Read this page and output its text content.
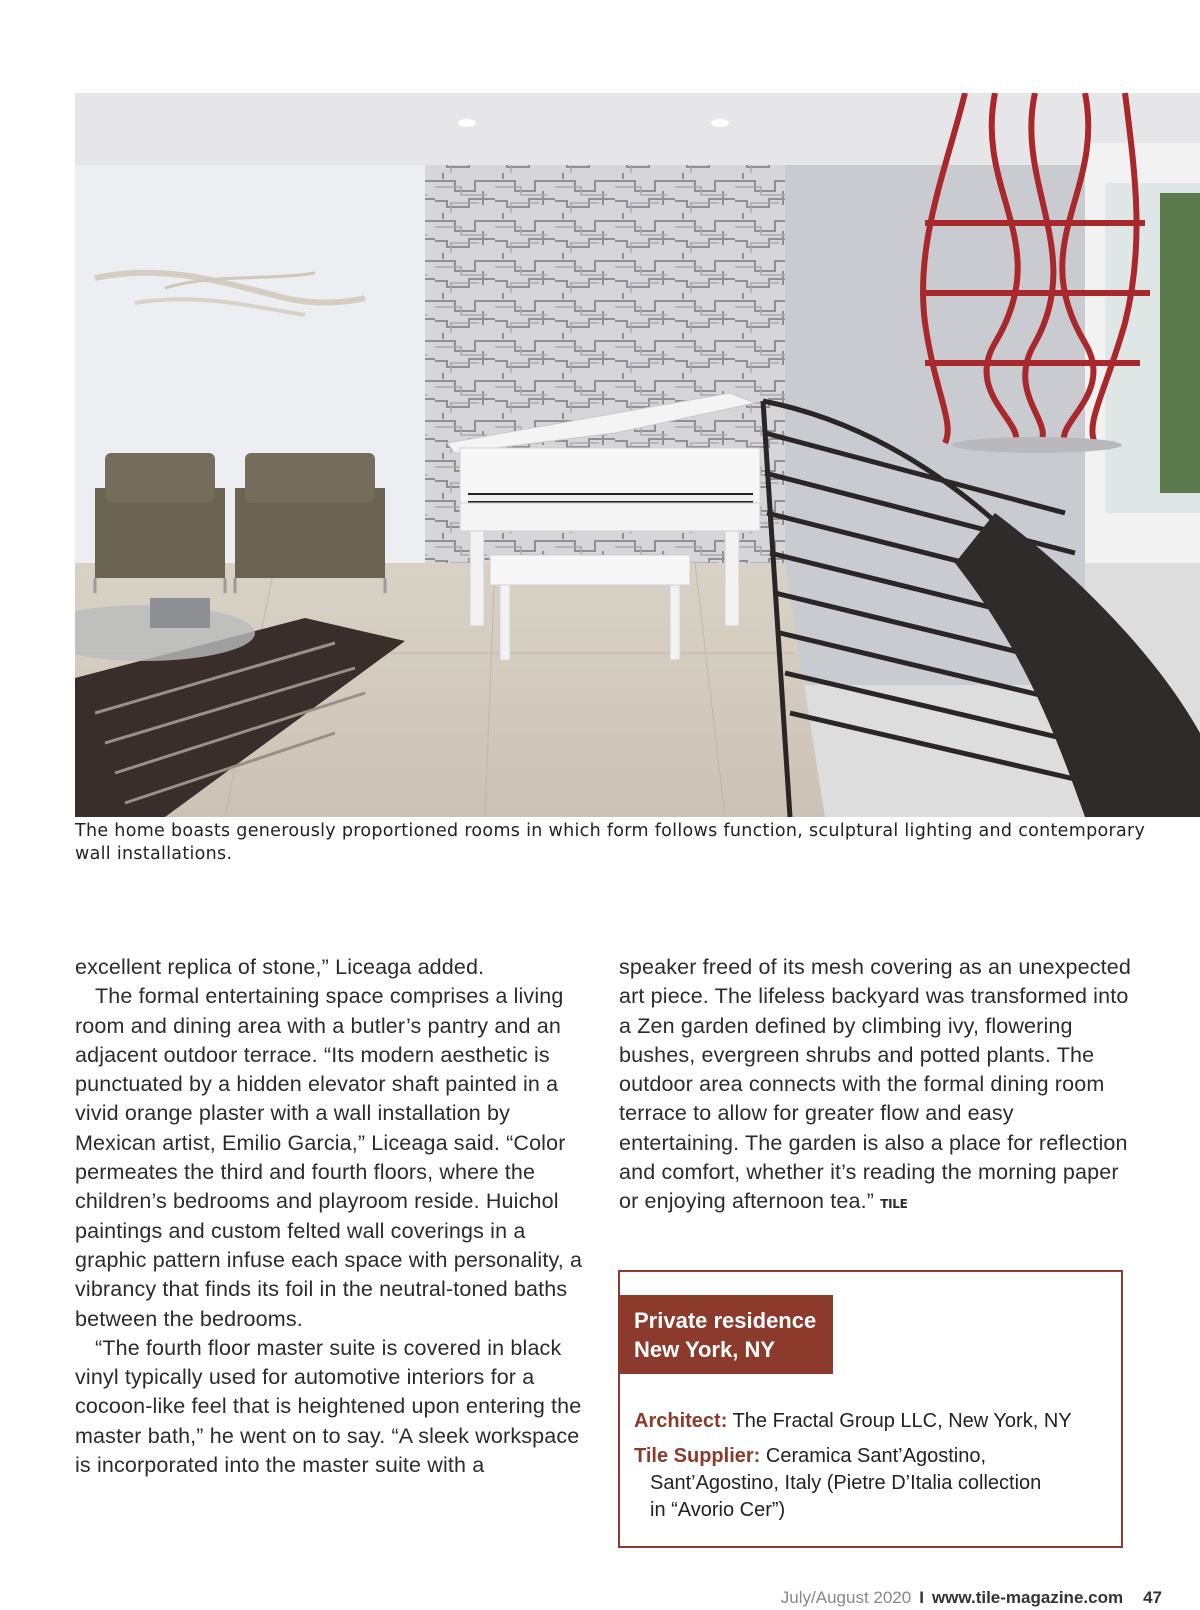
The home boasts generously proportioned rooms in which form follows function, sculptural lighting and contemporary wall installations.

excellent replica of stone,” Liceaga added.

The formal entertaining space comprises a living room and dining area with a butler’s pantry and an adjacent outdoor terrace. “Its modern aesthetic is punctuated by a hidden elevator shaft painted in a vivid orange plaster with a wall installation by Mexican artist, Emilio Garcia,” Liceaga said. “Color permeates the third and fourth floors, where the children’s bedrooms and playroom reside. Huichol paintings and custom felted wall coverings in a graphic pattern infuse each space with personality, a vibrancy that finds its foil in the neutral-toned baths between the bedrooms.

“The fourth floor master suite is covered in black vinyl typically used for automotive interiors for a cocoon-like feel that is heightened upon entering the master bath,” he went on to say. “A sleek workspace is incorporated into the master suite with a

speaker freed of its mesh covering as an unexpected art piece. The lifeless backyard was transformed into a Zen garden defined by climbing ivy, flowering bushes, evergreen shrubs and potted plants. The outdoor area connects with the formal dining room terrace to allow for greater flow and easy entertaining. The garden is also a place for reflection and comfort, whether it’s reading the morning paper or enjoying afternoon tea.” TILE

Private residence
New York, NY

Architect: The Fractal Group LLC, New York, NY

Tile Supplier: Ceramica Sant’Agostino,
Sant’Agostino, Italy (Pietre D’Italia collection
in “Avorio Cer”)

July/August 2020 I www.tile-magazine.com 47
